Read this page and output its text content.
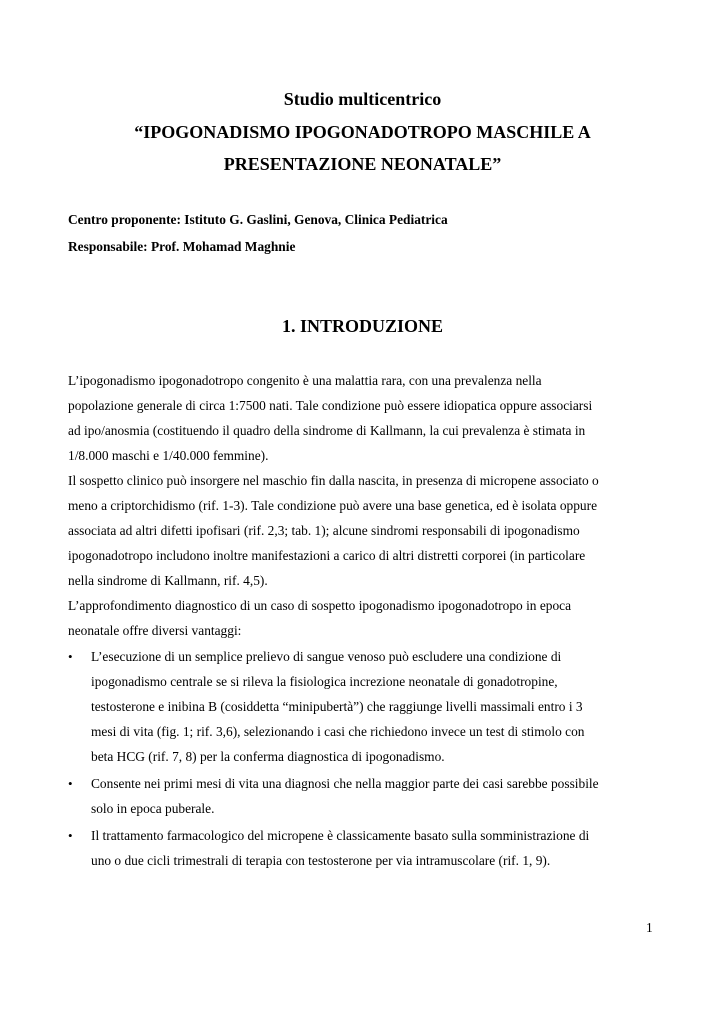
Studio multicentrico
“IPOGONADISMO IPOGONADOTROPO MASCHILE A
PRESENTAZIONE NEONATALE”
Centro proponente: Istituto G. Gaslini, Genova, Clinica Pediatrica
Responsabile: Prof. Mohamad Maghnie
1. INTRODUZIONE
L’ipogonadismo ipogonadotropo congenito è una malattia rara, con una prevalenza nella
popolazione generale di circa 1:7500 nati. Tale condizione può essere idiopatica oppure associarsi
ad ipo/anosmia (costituendo il quadro della sindrome di Kallmann, la cui prevalenza è stimata in
1/8.000 maschi e 1/40.000 femmine).
Il sospetto clinico può insorgere nel maschio fin dalla nascita, in presenza di micropene associato o
meno a criptorchidismo (rif. 1-3). Tale condizione può avere una base genetica, ed è isolata oppure
associata ad altri difetti ipofisari (rif. 2,3; tab. 1); alcune sindromi responsabili di ipogonadismo
ipogonadotropo includono inoltre manifestazioni a carico di altri distretti corporei (in particolare
nella sindrome di Kallmann, rif. 4,5).
L’approfondimento diagnostico di un caso di sospetto ipogonadismo ipogonadotropo in epoca
neonatale offre diversi vantaggi:
• L’esecuzione di un semplice prelievo di sangue venoso può escludere una condizione di
ipogonadismo centrale se si rileva la fisiologica increzione neonatale di gonadotropine,
testosterone e inibina B (cosiddetta “minipubertà”) che raggiunge livelli massimali entro i 3
mesi di vita (fig. 1; rif. 3,6), selezionando i casi che richiedono invece un test di stimolo con
beta HCG (rif. 7, 8) per la conferma diagnostica di ipogonadismo.
• Consente nei primi mesi di vita una diagnosi che nella maggior parte dei casi sarebbe possibile
solo in epoca puberale.
• Il trattamento farmacologico del micropene è classicamente basato sulla somministrazione di
uno o due cicli trimestrali di terapia con testosterone per via intramuscolare (rif. 1, 9).
1
